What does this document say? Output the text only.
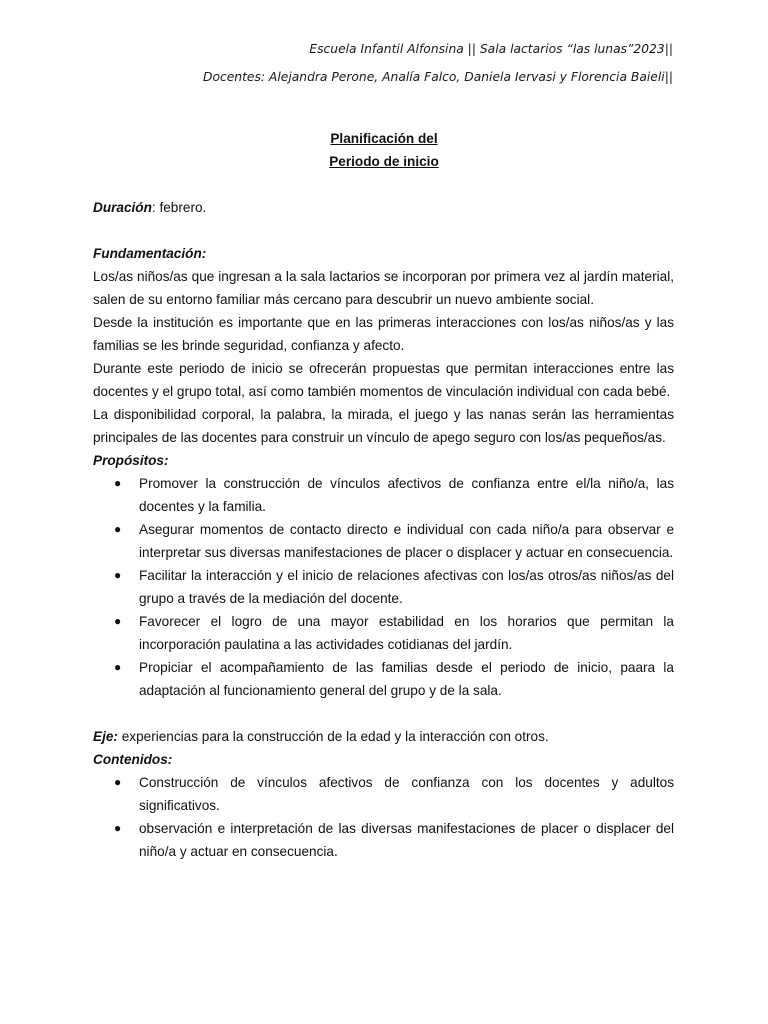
Escuela Infantil Alfonsina || Sala lactarios “las lunas”2023||
Docentes: Alejandra Perone, Analía Falco, Daniela Iervasi y Florencia Baieli||
Planificación del
Periodo de inicio

Duración: febrero.

Fundamentación:

Los/as niños/as que ingresan a la sala lactarios se incorporan por primera vez al jardín material, salen de su entorno familiar más cercano para descubrir un nuevo ambiente social.

Desde la institución es importante que en las primeras interacciones con los/as niños/as y las familias se les brinde seguridad, confianza y afecto.

Durante este periodo de inicio se ofrecerán propuestas que permitan interacciones entre las docentes y el grupo total, así como también momentos de vinculación individual con cada bebé.

La disponibilidad corporal, la palabra, la mirada, el juego y las nanas serán las herramientas principales de las docentes para construir un vínculo de apego seguro con los/as pequeños/as.

Propósitos:

● Promover la construcción de vínculos afectivos de confianza entre el/la niño/a, las docentes y la familia.
● Asegurar momentos de contacto directo e individual con cada niño/a para observar e interpretar sus diversas manifestaciones de placer o displacer y actuar en consecuencia.
● Facilitar la interacción y el inicio de relaciones afectivas con los/as otros/as niños/as del grupo a través de la mediación del docente.
● Favorecer el logro de una mayor estabilidad en los horarios que permitan la incorporación paulatina a las actividades cotidianas del jardín.
● Propiciar el acompañamiento de las familias desde el periodo de inicio, paara la adaptación al funcionamiento general del grupo y de la sala.

Eje: experiencias para la construcción de la edad y la interacción con otros.

Contenidos:

● Construcción de vínculos afectivos de confianza con los docentes y adultos significativos.
● observación e interpretación de las diversas manifestaciones de placer o displacer del niño/a y actuar en consecuencia.
